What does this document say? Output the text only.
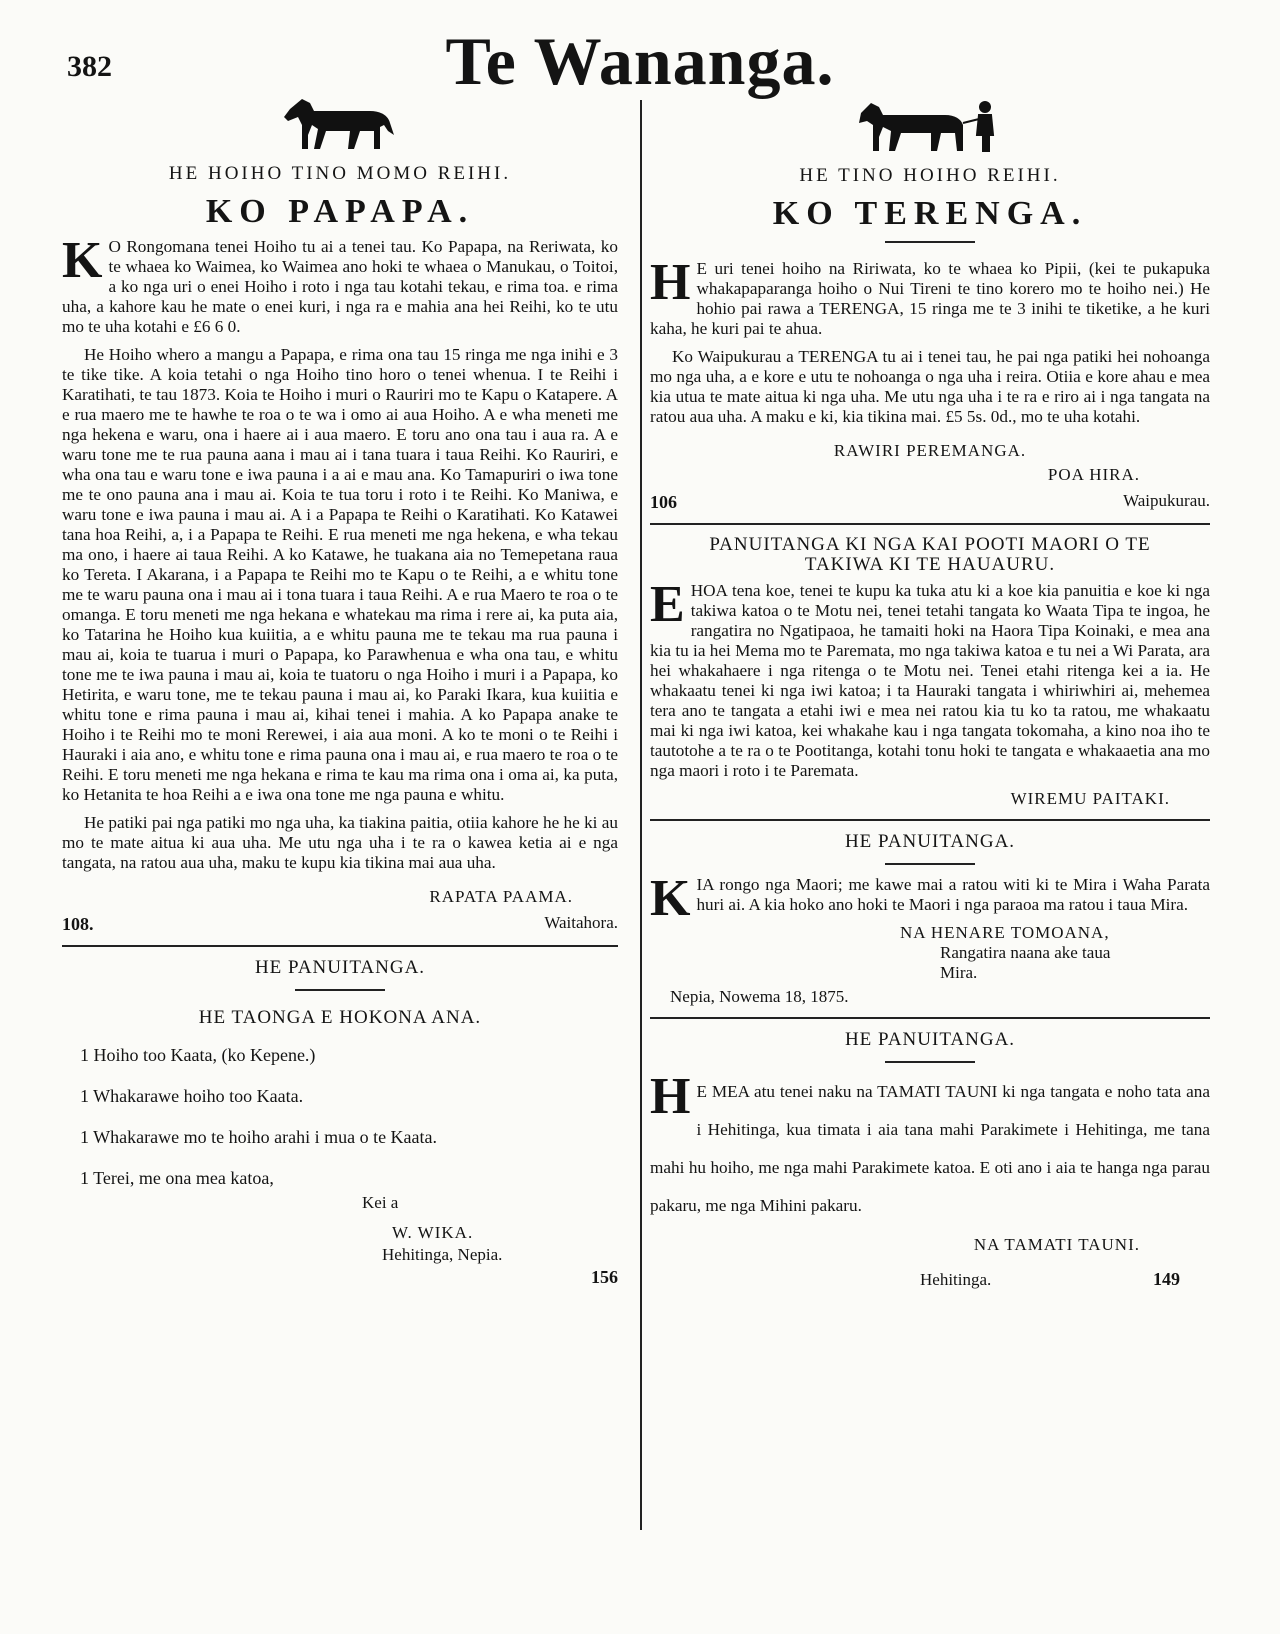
382	Te Wananga.
HE HOIHO TINO MOMO REIHI.
KO PAPAPA.

K O Rongomana tenei Hoiho tu ai a tenei tau. Ko Papapa, na Reriwata, ko te whaea ko Waimea, ko Waimea ano hoki te whaea o Manukau, o Toitoi, a ko nga uri o enei Hoiho i roto i nga tau kotahi tekau, e rima toa. e rima uha, a kahore kau he mate o enei kuri, i nga ra e mahia ana hei Reihi, ko te utu mo te uha kotahi e £6 6 0.

He Hoiho whero a mangu a Papapa, e rima ona tau 15 ringa me nga inihi e 3 te tike tike. A koia tetahi o nga Hoiho tino horo o tenei whenua. I te Reihi i Karatihati, te tau 1873. Koia te Hoiho i muri o Rauriri mo te Kapu o Katapere. A e rua maero me te hawhe te roa o te wa i omo ai aua Hoiho. A e wha meneti me nga hekena e waru, ona i haere ai i aua maero. E toru ano ona tau i aua ra. A e waru tone me te rua pauna aana i mau ai i tana tuara i taua Reihi. Ko Rauriri, e wha ona tau e waru tone e iwa pauna i a ai e mau ana. Ko Tamapuriri o iwa tone me te ono pauna ana i mau ai. Koia te tua toru i roto i te Reihi. Ko Maniwa, e waru tone e iwa pauna i mau ai. A i a Papapa te Reihi o Karatihati. Ko Katawei tana hoa Reihi, a, i a Papapa te Reihi. E rua meneti me nga hekena, e wha tekau ma ono, i haere ai taua Reihi. A ko Katawe, he tuakana aia no Temepetana raua ko Tereta. I Akarana, i a Papapa te Reihi mo te Kapu o te Reihi, a e whitu tone me te waru pauna ona i mau ai i tona tuara i taua Reihi. A e rua Maero te roa o te omanga. E toru meneti me nga hekana e whatekau ma rima i rere ai, ka puta aia, ko Tatarina he Hoiho kua kuiitia, a e whitu pauna me te tekau ma rua pauna i mau ai, koia te tuarua i muri o Papapa, ko Parawhenua e wha ona tau, e whitu tone me te iwa pauna i mau ai, koia te tuatoru o nga Hoiho i muri i a Papapa, ko Hetirita, e waru tone, me te tekau pauna i mau ai, ko Paraki Ikara, kua kuiitia e whitu tone e rima pauna i mau ai, kihai tenei i mahia. A ko Papapa anake te Hoiho i te Reihi mo te moni Rerewei, i aia aua moni. A ko te moni o te Reihi i Hauraki i aia ano, e whitu tone e rima pauna ona i mau ai, e rua maero te roa o te Reihi. E toru meneti me nga hekana e rima te kau ma rima ona i oma ai, ka puta, ko Hetanita te hoa Reihi a e iwa ona tone me nga pauna e whitu.

He patiki pai nga patiki mo nga uha, ka tiakina paitia, otiia kahore he he ki au mo te mate aitua ki aua uha. Me utu nga uha i te ra o kawea ketia ai e nga tangata, na ratou aua uha, maku te kupu kia tikina mai aua uha.

RAPATA PAAMA.
108.	Waitahora.
HE PANUITANGA.
HE TAONGA E HOKONA ANA.
1 Hoiho too Kaata, (ko Kepene.)
1 Whakarawe hoiho too Kaata.
1 Whakarawe mo te hoiho arahi i mua o te Kaata.
1 Terei, me ona mea katoa,
Kei a
W. WIKA.
Hehitinga, Nepia.
156
HE TINO HOIHO REIHI.
KO TERENGA.

H E uri tenei hoiho na Ririwata, ko te whaea ko Pipii, (kei te pukapuka whakapaparanga hoiho o Nui Tireni te tino korero mo te hoiho nei.) He hohio pai rawa a TERENGA, 15 ringa me te 3 inihi te tiketike, a he kuri kaha, he kuri pai te ahua.

Ko Waipukurau a TERENGA tu ai i tenei tau, he pai nga patiki hei nohoanga mo nga uha, a e kore e utu te nohoanga o nga uha i reira. Otiia e kore ahau e mea kia utua te mate aitua ki nga uha. Me utu nga uha i te ra e riro ai i nga tangata na ratou aua uha. A maku e ki, kia tikina mai. £5 5s. 0d., mo te uha kotahi.

RAWIRI PEREMANGA.
POA HIRA.
106	Waipukurau.
PANUITANGA KI NGA KAI POOTI MAORI O TE TAKIWA KI TE HAUAURU.

EHOA tena koe, tenei te kupu ka tuka atu ki a koe kia panuitia e koe ki nga takiwa katoa o te Motu nei, tenei tetahi tangata ko Waata Tipa te ingoa, he rangatira no Ngatipaoa, he tamaiti hoki na Haora Tipa Koinaki, e mea ana kia tu ia hei Mema mo te Paremata, mo nga takiwa katoa e tu nei a Wi Parata, ara hei whakahaere i nga ritenga o te Motu nei. Tenei etahi ritenga kei a ia. He whakaatu tenei ki nga iwi katoa; i ta Hauraki tangata i whiriwhiri ai, mehemea tera ano te tangata a etahi iwi e mea nei ratou kia tu ko ta ratou, me whakaatu mai ki nga iwi katoa, kei whakahe kau i nga tangata tokomaha, a kino noa iho te tautotohe a te ra o te Pootitanga, kotahi tonu hoki te tangata e whakaaetia ana mo nga maori i roto i te Paremata.

WIREMU PAITAKI.
HE PANUITANGA.

KIA rongo nga Maori; me kawe mai a ratou witi ki te Mira i Waha Parata huri ai. A kia hoko ano hoki te Maori i nga paraoa ma ratou i taua Mira.

NA HENARE TOMOANA,
Rangatira naana ake taua
Mira.
Nepia, Nowema 18, 1875.
HE PANUITANGA.

H E MEA atu tenei naku na TAMATI TAUNI ki nga tangata e noho tata ana i Hehitinga, kua timata i aia tana mahi Parakimete i Hehitinga, me tana mahi hu hoiho, me nga mahi Parakimete katoa. E oti ano i aia te hanga nga parau pakaru, me nga Mihini pakaru.

NA TAMATI TAUNI.
Hehitinga.	149
